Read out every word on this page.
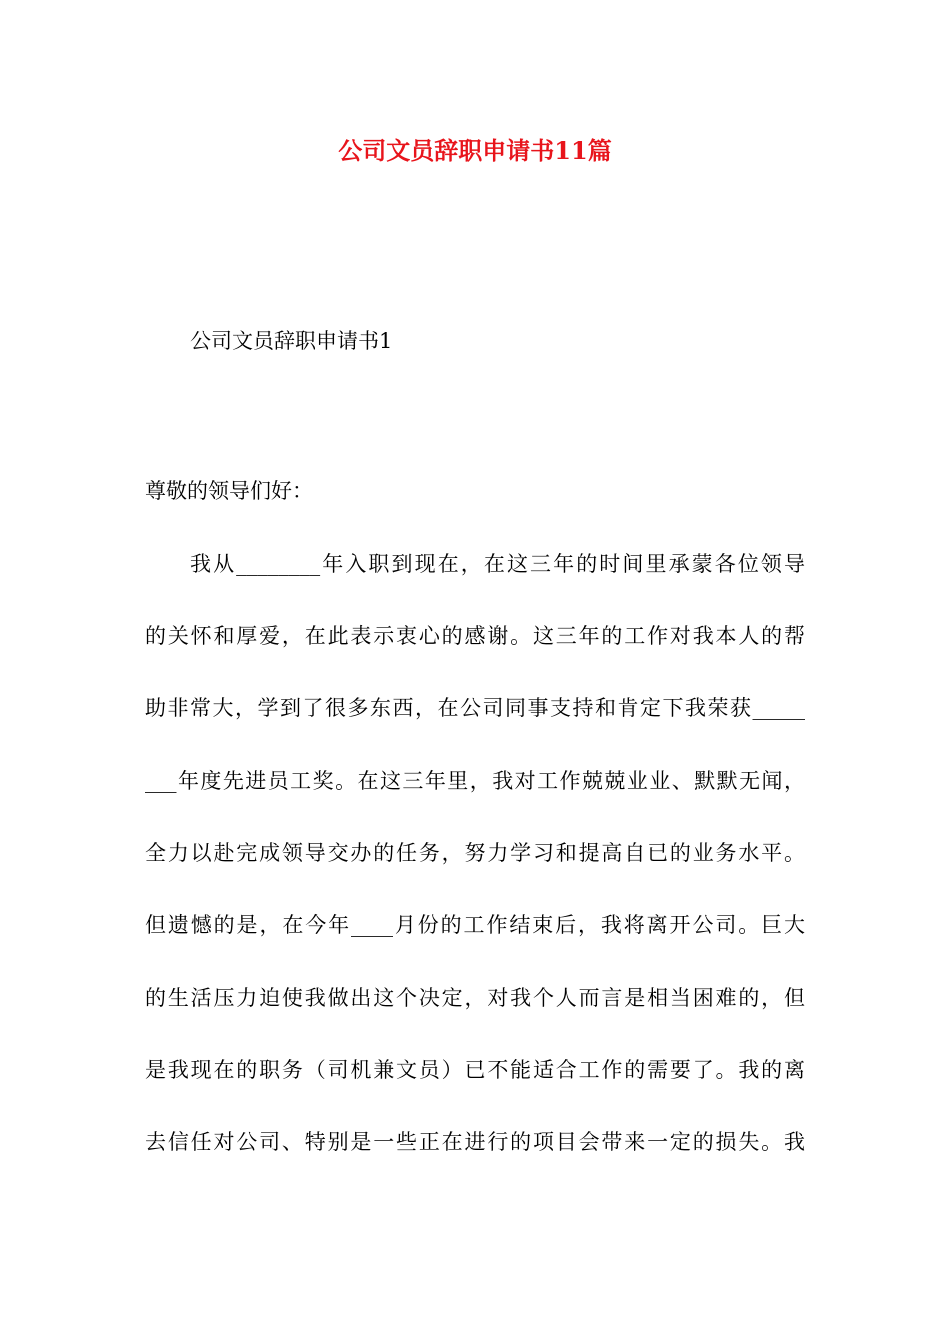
公司文员辞职申请书11篇

公司文员辞职申请书1

尊敬的领导们好：

我从________年入职到现在，在这三年的时间里承蒙各位领导

的关怀和厚爱，在此表示衷心的感谢。这三年的工作对我本人的帮

助非常大，学到了很多东西，在公司同事支持和肯定下我荣获_____

___年度先进员工奖。在这三年里，我对工作兢兢业业、默默无闻，

全力以赴完成领导交办的任务，努力学习和提高自已的业务水平。

但遗憾的是，在今年____月份的工作结束后，我将离开公司。巨大

的生活压力迫使我做出这个决定，对我个人而言是相当困难的，但

是我现在的职务（司机兼文员）已不能适合工作的需要了。我的离

去信任对公司、特别是一些正在进行的项目会带来一定的损失。我
